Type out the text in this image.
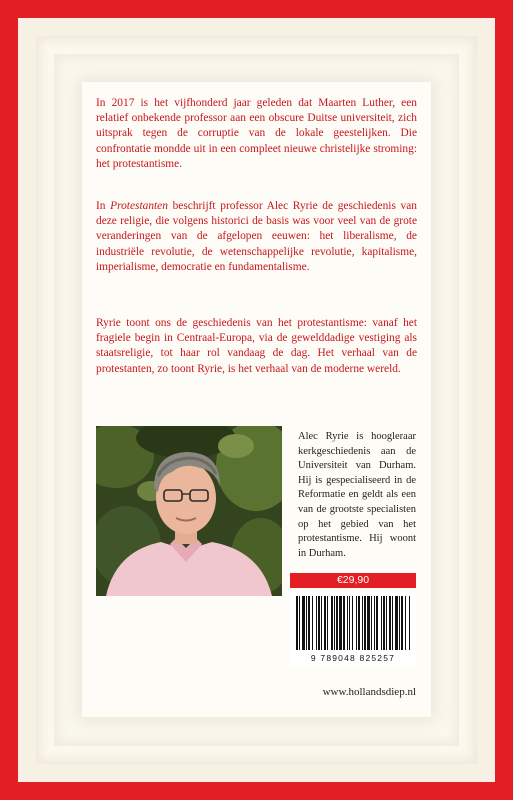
In 2017 is het vijfhonderd jaar geleden dat Maarten Luther, een relatief onbekende professor aan een obscure Duitse universiteit, zich uitsprak tegen de corruptie van de lokale geestelijken. Die confrontatie mondde uit in een compleet nieuwe christelijke stroming: het protestantisme.

In Protestanten beschrijft professor Alec Ryrie de geschiedenis van deze religie, die volgens historici de basis was voor veel van de grote veranderingen van de afgelopen eeuwen: het liberalisme, de industriële revolutie, de wetenschappelijke revolutie, kapitalisme, imperialisme, democratie en fundamentalisme.

Ryrie toont ons de geschiedenis van het protestantisme: vanaf het fragiele begin in Centraal-Europa, via de gewelddadige vestiging als staatsreligie, tot haar rol vandaag de dag. Het verhaal van de protestanten, zo toont Ryrie, is het verhaal van de moderne wereld.

Alec Ryrie is hoogleraar kerkgeschiedenis aan de Universiteit van Durham. Hij is gespecialiseerd in de Reformatie en geldt als een van de grootste specialisten op het gebied van het protestantisme. Hij woont in Durham.

€29,90
9 789048 825257
www.hollandsdiep.nl
